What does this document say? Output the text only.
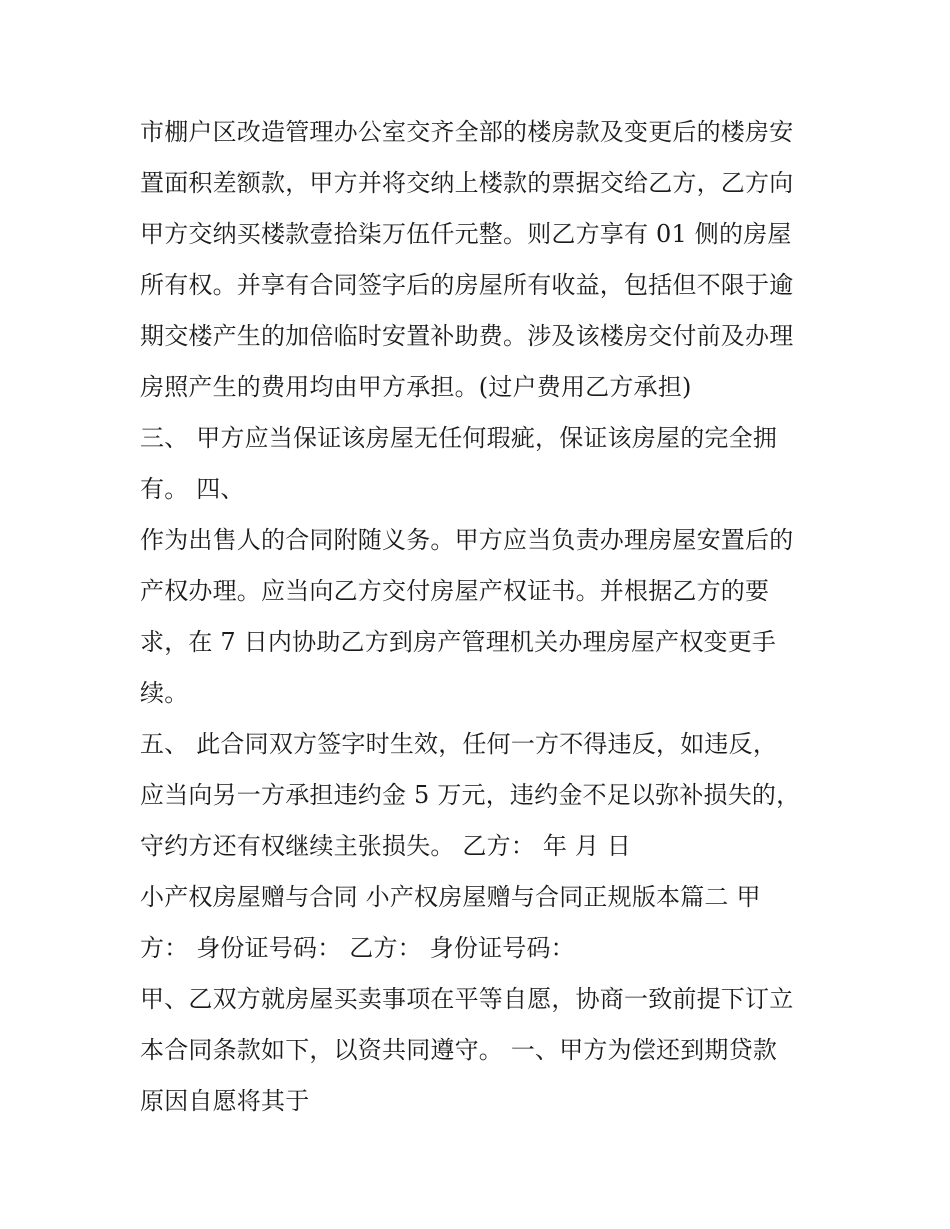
市棚户区改造管理办公室交齐全部的楼房款及变更后的楼房安
置面积差额款，甲方并将交纳上楼款的票据交给乙方，乙方向
甲方交纳买楼款壹拾柒万伍仟元整。则乙方享有 01 侧的房屋
所有权。并享有合同签字后的房屋所有收益，包括但不限于逾
期交楼产生的加倍临时安置补助费。涉及该楼房交付前及办理
房照产生的费用均由甲方承担。(过户费用乙方承担)
三、 甲方应当保证该房屋无任何瑕疵，保证该房屋的完全拥
有。 四、
作为出售人的合同附随义务。甲方应当负责办理房屋安置后的
产权办理。应当向乙方交付房屋产权证书。并根据乙方的要
求，在 7 日内协助乙方到房产管理机关办理房屋产权变更手
续。
五、 此合同双方签字时生效，任何一方不得违反，如违反，
应当向另一方承担违约金 5 万元，违约金不足以弥补损失的，
守约方还有权继续主张损失。 乙方： 年 月 日
小产权房屋赠与合同 小产权房屋赠与合同正规版本篇二 甲
方： 身份证号码： 乙方： 身份证号码：
甲、乙双方就房屋买卖事项在平等自愿，协商一致前提下订立
本合同条款如下，以资共同遵守。 一、甲方为偿还到期贷款
原因自愿将其于
